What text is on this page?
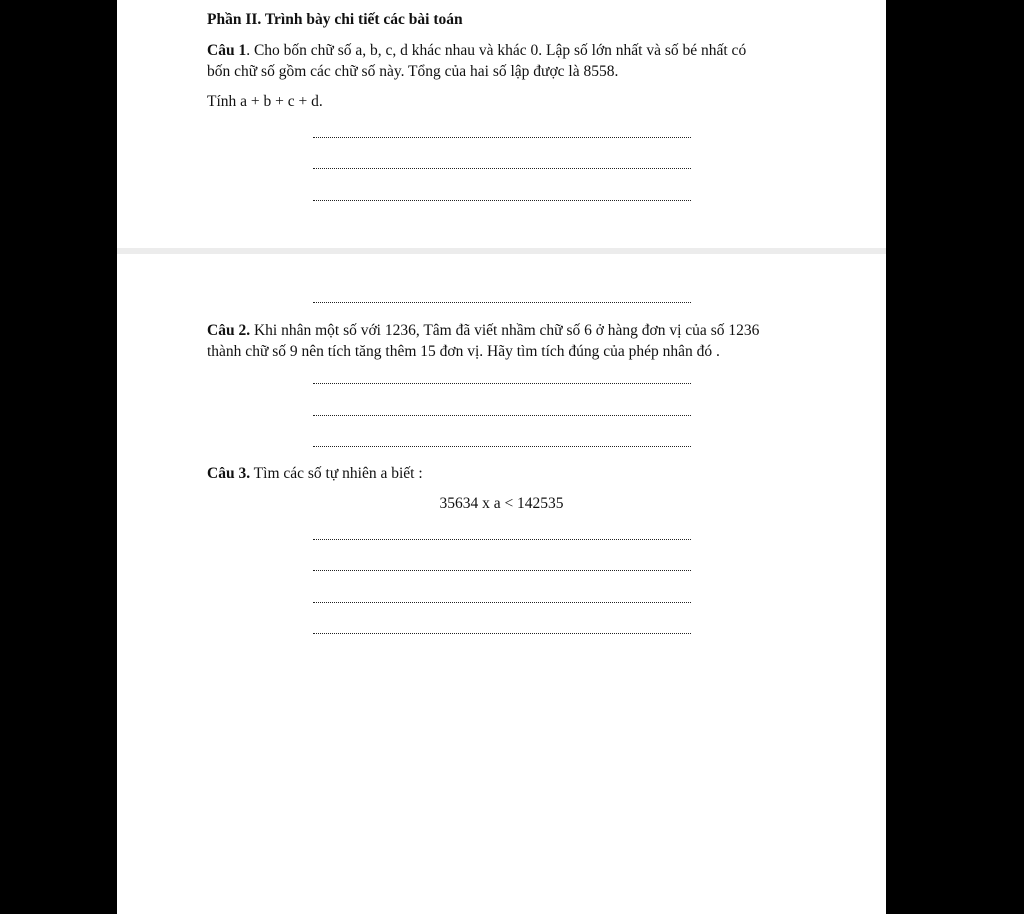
Phần II. Trình bày chi tiết các bài toán
Câu 1. Cho bốn chữ số a, b, c, d khác nhau và khác 0. Lập số lớn nhất và số bé nhất có
bốn chữ số gồm các chữ số này. Tổng của hai số lập được là 8558.
Tính a + b + c + d.
Câu 2. Khi nhân một số với 1236, Tâm đã viết nhầm chữ số 6 ở hàng đơn vị của số 1236
thành chữ số 9 nên tích tăng thêm 15 đơn vị. Hãy tìm tích đúng của phép nhân đó .
Câu 3. Tìm các số tự nhiên a biết :
35634 x a < 142535
